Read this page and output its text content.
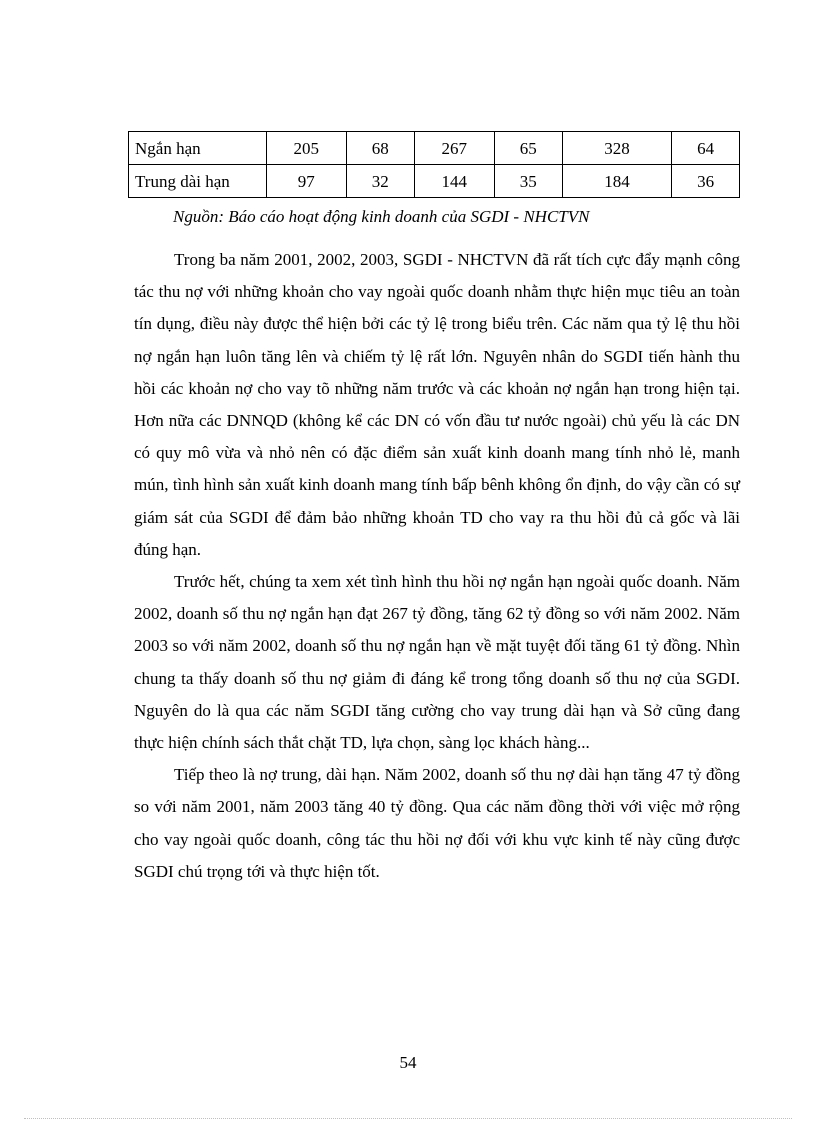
Ngắn hạn	205	68	267	65	328	64
Trung dài hạn	97	32	144	35	184	36
Nguồn: Báo cáo hoạt động kinh doanh của SGDI - NHCTVN

Trong ba năm 2001, 2002, 2003, SGDI - NHCTVN đã rất tích cực đẩy mạnh công tác thu nợ với những khoản cho vay ngoài quốc doanh nhằm thực hiện mục tiêu an toàn tín dụng, điều này được thể hiện bởi các tỷ lệ trong biểu trên. Các năm qua tỷ lệ thu hồi nợ ngắn hạn luôn tăng lên và chiếm tỷ lệ rất lớn. Nguyên nhân do SGDI tiến hành thu hồi các khoản nợ cho vay tõ những năm trước và các khoản nợ ngắn hạn trong hiện tại. Hơn nữa các DNNQD (không kể các DN có vốn đầu tư nước ngoài) chủ yếu là các DN có quy mô vừa và nhỏ nên có đặc điểm sản xuất kinh doanh mang tính nhỏ lẻ, manh mún, tình hình sản xuất kinh doanh mang tính bấp bênh không ổn định, do vậy cần có sự giám sát của SGDI để đảm bảo những khoản TD cho vay ra thu hồi đủ cả gốc và lãi đúng hạn.

Trước hết, chúng ta xem xét tình hình thu hồi nợ ngắn hạn ngoài quốc doanh. Năm 2002, doanh số thu nợ ngắn hạn đạt 267 tỷ đồng, tăng 62 tỷ đồng so với năm 2002. Năm 2003 so với năm 2002, doanh số thu nợ ngắn hạn về mặt tuyệt đối tăng 61 tỷ đồng. Nhìn chung ta thấy doanh số thu nợ giảm đi đáng kể trong tổng doanh số thu nợ của SGDI. Nguyên do là qua các năm SGDI tăng cường cho vay trung dài hạn và Sở cũng đang thực hiện chính sách thắt chặt TD, lựa chọn, sàng lọc khách hàng...

Tiếp theo là nợ trung, dài hạn. Năm 2002, doanh số thu nợ dài hạn tăng 47 tỷ đồng so với năm 2001, năm 2003 tăng 40 tỷ đồng. Qua các năm đồng thời với việc mở rộng cho vay ngoài quốc doanh, công tác thu hồi nợ đối với khu vực kinh tế này cũng được SGDI chú trọng tới và thực hiện tốt.

54
